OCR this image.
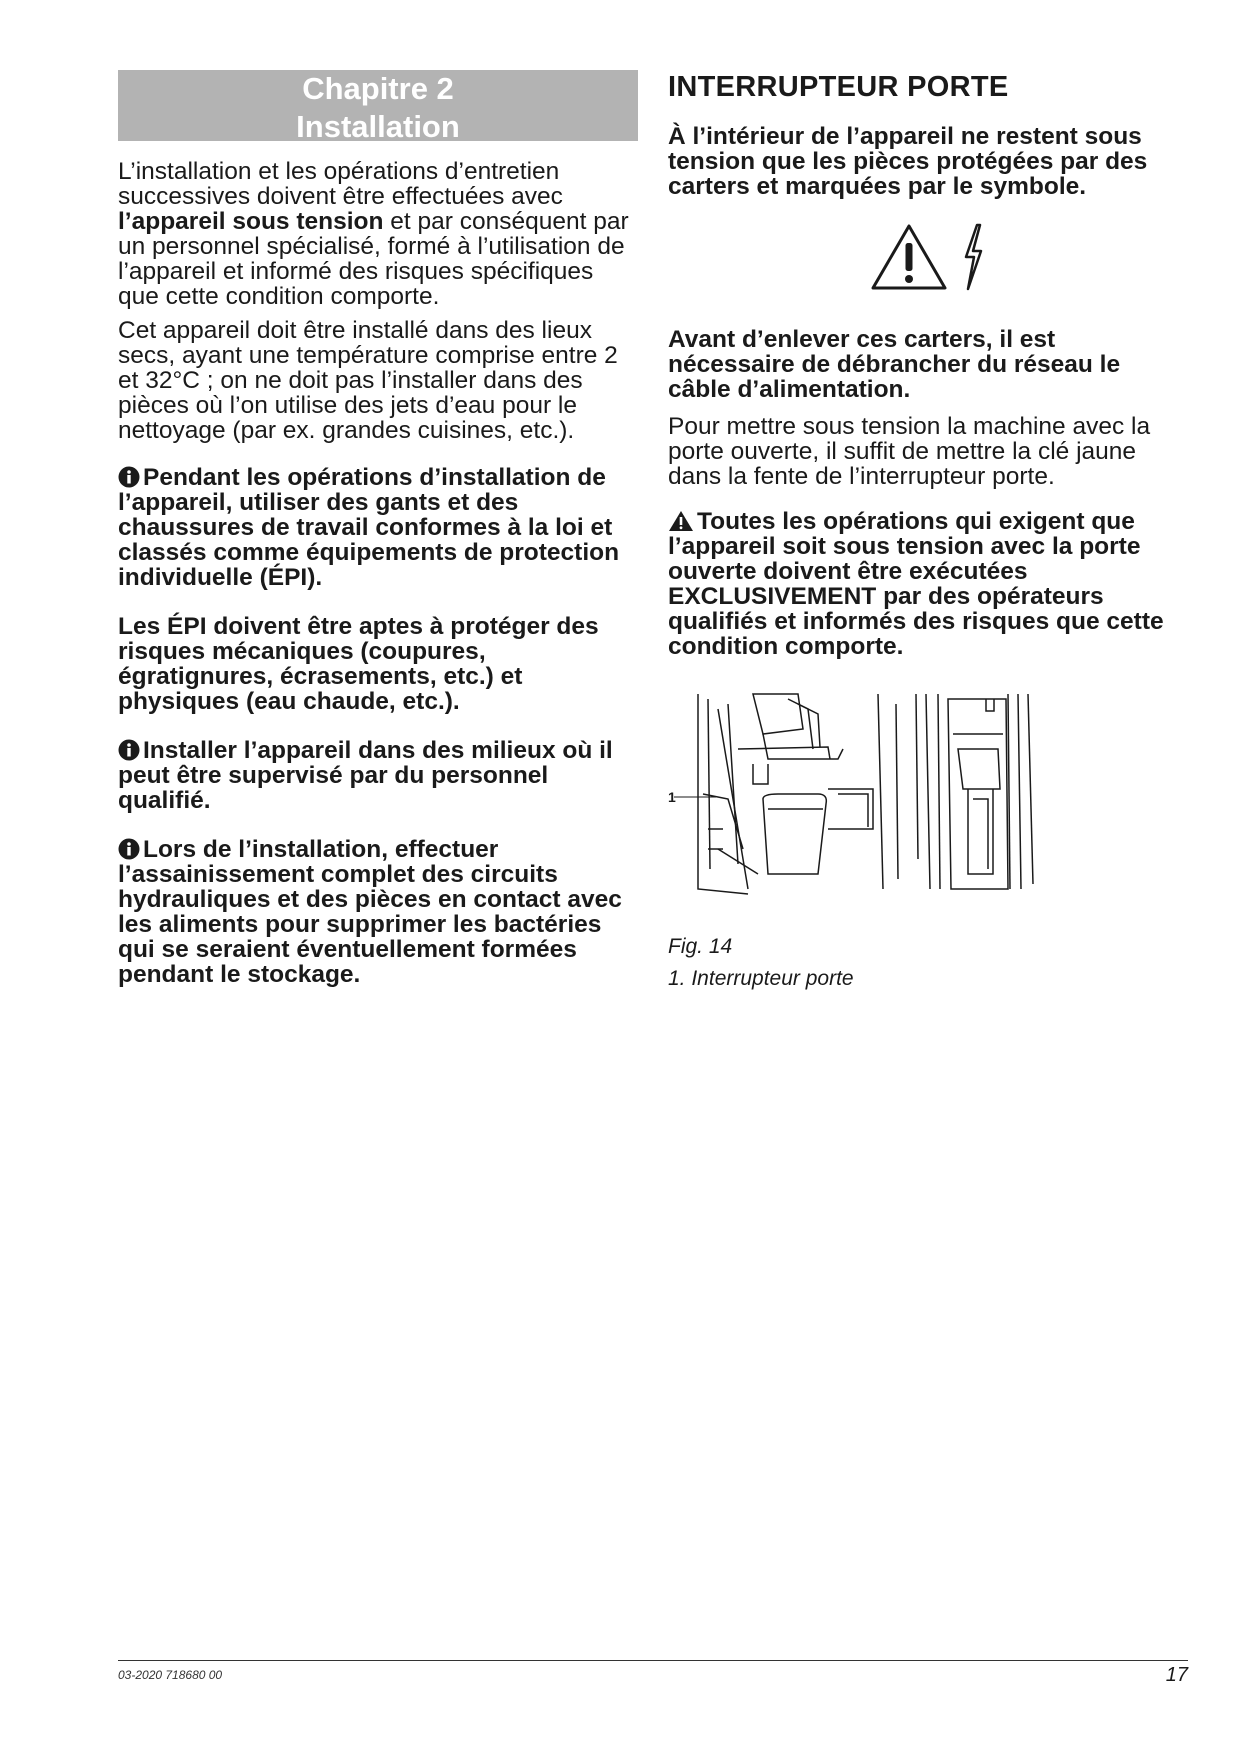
Chapitre 2
Installation

L’installation et les opérations d’entretien successives doivent être effectuées avec l’appareil sous tension et par conséquent par un personnel spécialisé, formé à l’utilisation de l’appareil et informé des risques spécifiques que cette condition comporte.

Cet appareil doit être installé dans des lieux secs, ayant une température comprise entre 2 et 32°C ; on ne doit pas l’installer dans des pièces où l’on utilise des jets d’eau pour le nettoyage (par ex. grandes cuisines, etc.).

Pendant les opérations d’installation de l’appareil, utiliser des gants et des chaussures de travail conformes à la loi et classés comme équipements de protection individuelle (ÉPI).

Les ÉPI doivent être aptes à protéger des risques mécaniques (coupures, égratignures, écrasements, etc.) et physiques (eau chaude, etc.).

Installer l’appareil dans des milieux où il peut être supervisé par du personnel qualifié.

Lors de l’installation, effectuer l’assainissement complet des circuits hydrauliques et des pièces en contact avec les aliments pour supprimer les bactéries qui se seraient éventuellement formées pendant le stockage.

INTERRUPTEUR PORTE

À l’intérieur de l’appareil ne restent sous tension que les pièces protégées par des carters et marquées par le symbole.

Avant d’enlever ces carters, il est nécessaire de débrancher du réseau le câble d’alimentation.

Pour mettre sous tension la machine avec la porte ouverte, il suffit de mettre la clé jaune dans la fente de l’interrupteur porte.

Toutes les opérations qui exigent que l’appareil soit sous tension avec la porte ouverte doivent être exécutées EXCLUSIVEMENT par des opérateurs qualifiés et informés des risques que cette condition comporte.

1

Fig. 14

1. Interrupteur porte

03-2020 718680 00	17
